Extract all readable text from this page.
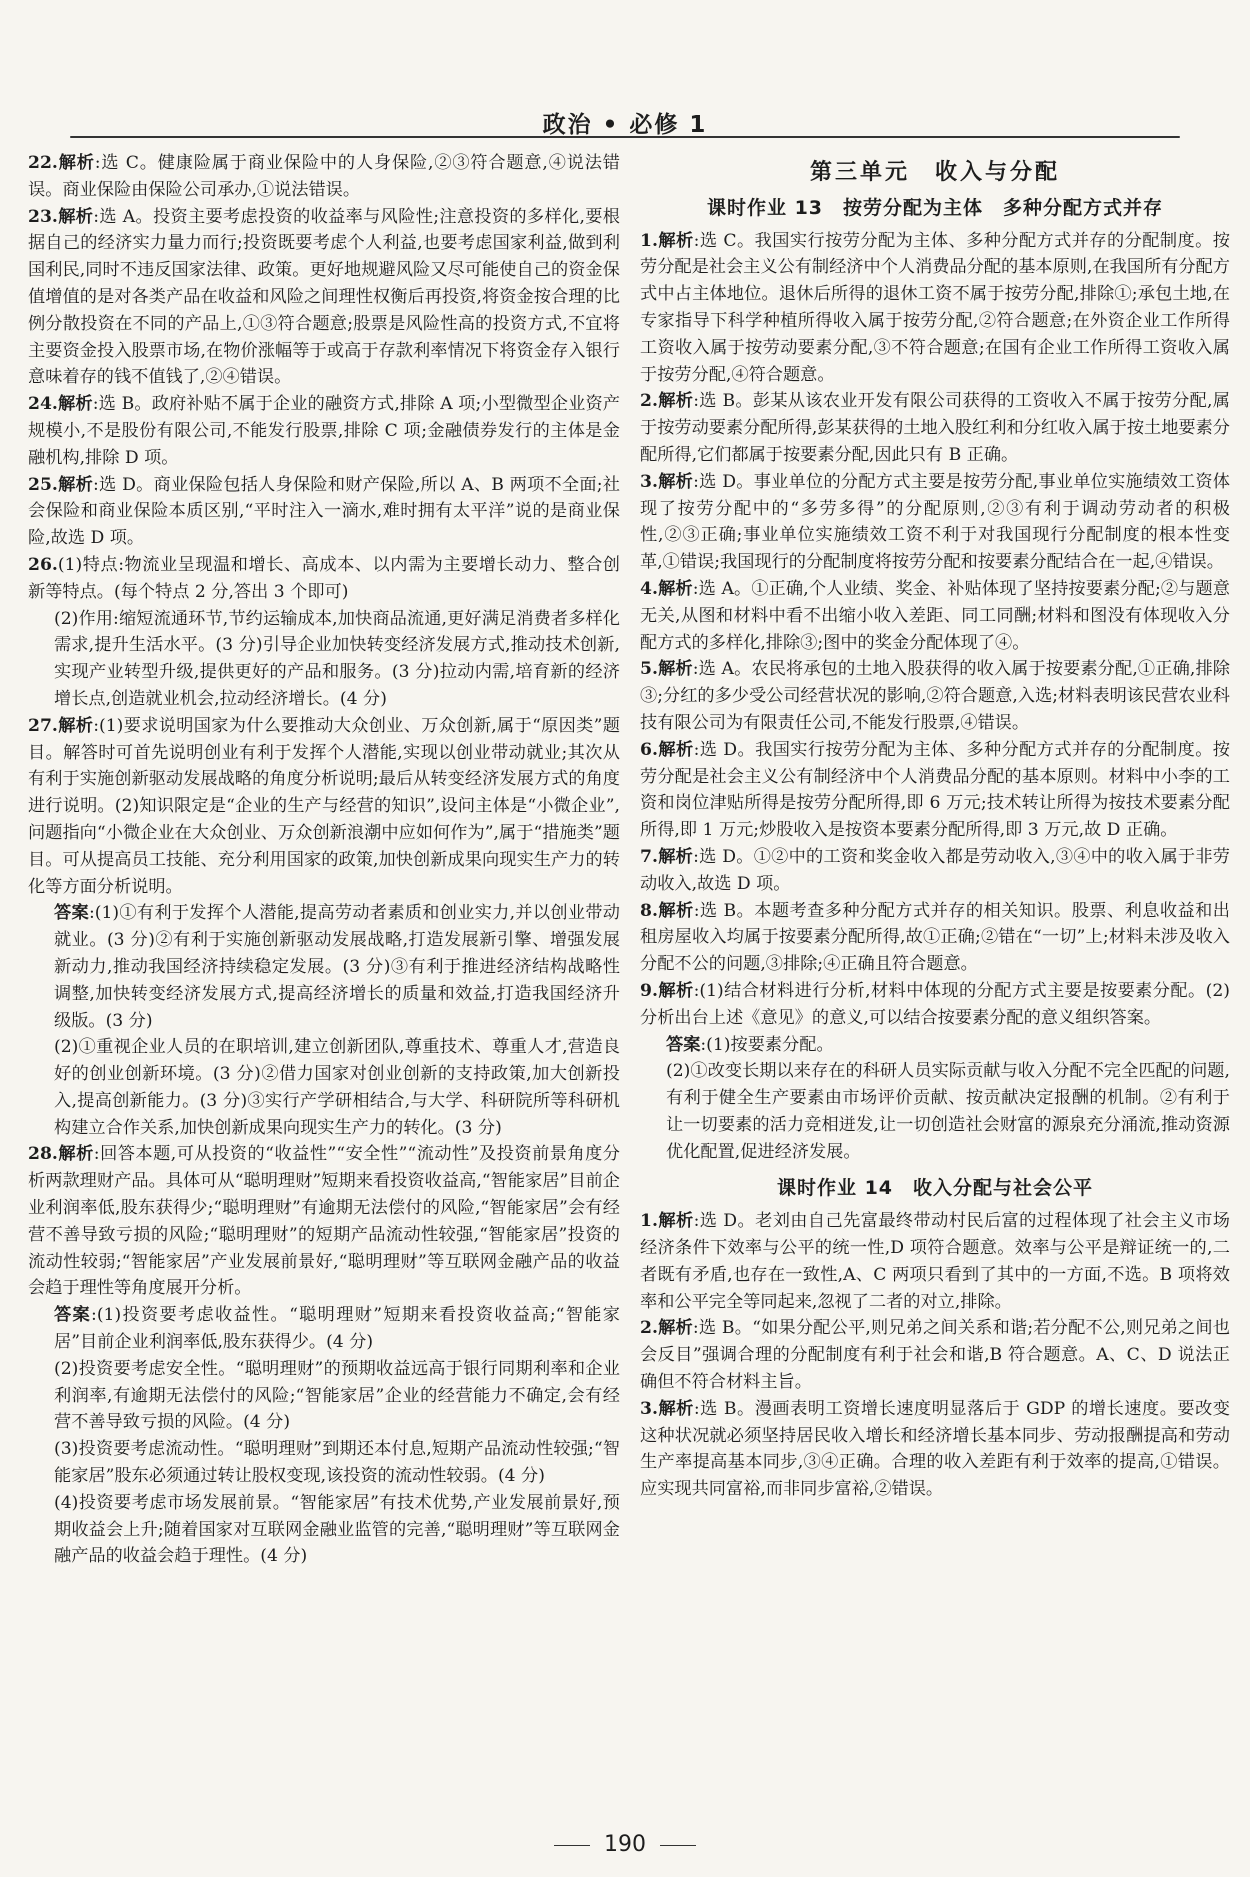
政治 • 必修 1
22.解析:选 C。健康险属于商业保险中的人身保险,②③符合题意,④说法错误。商业保险由保险公司承办,①说法错误。
23.解析:选 A。投资主要考虑投资的收益率与风险性;注意投资的多样化,要根据自己的经济实力量力而行;投资既要考虑个人利益,也要考虑国家利益,做到利国利民,同时不违反国家法律、政策。更好地规避风险又尽可能使自己的资金保值增值的是对各类产品在收益和风险之间理性权衡后再投资,将资金按合理的比例分散投资在不同的产品上,①③符合题意;股票是风险性高的投资方式,不宜将主要资金投入股票市场,在物价涨幅等于或高于存款利率情况下将资金存入银行意味着存的钱不值钱了,②④错误。
24.解析:选 B。政府补贴不属于企业的融资方式,排除 A 项;小型微型企业资产规模小,不是股份有限公司,不能发行股票,排除 C 项;金融债券发行的主体是金融机构,排除 D 项。
25.解析:选 D。商业保险包括人身保险和财产保险,所以 A、B 两项不全面;社会保险和商业保险本质区别,“平时注入一滴水,难时拥有太平洋”说的是商业保险,故选 D 项。
26.(1)特点:物流业呈现温和增长、高成本、以内需为主要增长动力、整合创新等特点。(每个特点 2 分,答出 3 个即可)
(2)作用:缩短流通环节,节约运输成本,加快商品流通,更好满足消费者多样化需求,提升生活水平。(3 分)引导企业加快转变经济发展方式,推动技术创新,实现产业转型升级,提供更好的产品和服务。(3 分)拉动内需,培育新的经济增长点,创造就业机会,拉动经济增长。(4 分)
27.解析:(1)要求说明国家为什么要推动大众创业、万众创新,属于“原因类”题目。解答时可首先说明创业有利于发挥个人潜能,实现以创业带动就业;其次从有利于实施创新驱动发展战略的角度分析说明;最后从转变经济发展方式的角度进行说明。(2)知识限定是“企业的生产与经营的知识”,设问主体是“小微企业”,问题指向“小微企业在大众创业、万众创新浪潮中应如何作为”,属于“措施类”题目。可从提高员工技能、充分利用国家的政策,加快创新成果向现实生产力的转化等方面分析说明。
答案:(1)①有利于发挥个人潜能,提高劳动者素质和创业实力,并以创业带动就业。(3 分)②有利于实施创新驱动发展战略,打造发展新引擎、增强发展新动力,推动我国经济持续稳定发展。(3 分)③有利于推进经济结构战略性调整,加快转变经济发展方式,提高经济增长的质量和效益,打造我国经济升级版。(3 分)
(2)①重视企业人员的在职培训,建立创新团队,尊重技术、尊重人才,营造良好的创业创新环境。(3 分)②借力国家对创业创新的支持政策,加大创新投入,提高创新能力。(3 分)③实行产学研相结合,与大学、科研院所等科研机构建立合作关系,加快创新成果向现实生产力的转化。(3 分)
28.解析:回答本题,可从投资的“收益性”“安全性”“流动性”及投资前景角度分析两款理财产品。具体可从“聪明理财”短期来看投资收益高,“智能家居”目前企业利润率低,股东获得少;“聪明理财”有逾期无法偿付的风险,“智能家居”会有经营不善导致亏损的风险;“聪明理财”的短期产品流动性较强,“智能家居”投资的流动性较弱;“智能家居”产业发展前景好,“聪明理财”等互联网金融产品的收益会趋于理性等角度展开分析。
答案:(1)投资要考虑收益性。“聪明理财”短期来看投资收益高;“智能家居”目前企业利润率低,股东获得少。(4 分)
(2)投资要考虑安全性。“聪明理财”的预期收益远高于银行同期利率和企业利润率,有逾期无法偿付的风险;“智能家居”企业的经营能力不确定,会有经营不善导致亏损的风险。(4 分)
(3)投资要考虑流动性。“聪明理财”到期还本付息,短期产品流动性较强;“智能家居”股东必须通过转让股权变现,该投资的流动性较弱。(4 分)
(4)投资要考虑市场发展前景。“智能家居”有技术优势,产业发展前景好,预期收益会上升;随着国家对互联网金融业监管的完善,“聪明理财”等互联网金融产品的收益会趋于理性。(4 分)
第三单元　收入与分配
课时作业 13　按劳分配为主体　多种分配方式并存
1.解析:选 C。我国实行按劳分配为主体、多种分配方式并存的分配制度。按劳分配是社会主义公有制经济中个人消费品分配的基本原则,在我国所有分配方式中占主体地位。退休后所得的退休工资不属于按劳分配,排除①;承包土地,在专家指导下科学种植所得收入属于按劳分配,②符合题意;在外资企业工作所得工资收入属于按劳动要素分配,③不符合题意;在国有企业工作所得工资收入属于按劳分配,④符合题意。
2.解析:选 B。彭某从该农业开发有限公司获得的工资收入不属于按劳分配,属于按劳动要素分配所得,彭某获得的土地入股红利和分红收入属于按土地要素分配所得,它们都属于按要素分配,因此只有 B 正确。
3.解析:选 D。事业单位的分配方式主要是按劳分配,事业单位实施绩效工资体现了按劳分配中的“多劳多得”的分配原则,②③有利于调动劳动者的积极性,②③正确;事业单位实施绩效工资不利于对我国现行分配制度的根本性变革,①错误;我国现行的分配制度将按劳分配和按要素分配结合在一起,④错误。
4.解析:选 A。①正确,个人业绩、奖金、补贴体现了坚持按要素分配;②与题意无关,从图和材料中看不出缩小收入差距、同工同酬;材料和图没有体现收入分配方式的多样化,排除③;图中的奖金分配体现了④。
5.解析:选 A。农民将承包的土地入股获得的收入属于按要素分配,①正确,排除③;分红的多少受公司经营状况的影响,②符合题意,入选;材料表明该民营农业科技有限公司为有限责任公司,不能发行股票,④错误。
6.解析:选 D。我国实行按劳分配为主体、多种分配方式并存的分配制度。按劳分配是社会主义公有制经济中个人消费品分配的基本原则。材料中小李的工资和岗位津贴所得是按劳分配所得,即 6 万元;技术转让所得为按技术要素分配所得,即 1 万元;炒股收入是按资本要素分配所得,即 3 万元,故 D 正确。
7.解析:选 D。①②中的工资和奖金收入都是劳动收入,③④中的收入属于非劳动收入,故选 D 项。
8.解析:选 B。本题考查多种分配方式并存的相关知识。股票、利息收益和出租房屋收入均属于按要素分配所得,故①正确;②错在“一切”上;材料未涉及收入分配不公的问题,③排除;④正确且符合题意。
9.解析:(1)结合材料进行分析,材料中体现的分配方式主要是按要素分配。(2)分析出台上述《意见》的意义,可以结合按要素分配的意义组织答案。
答案:(1)按要素分配。
(2)①改变长期以来存在的科研人员实际贡献与收入分配不完全匹配的问题,有利于健全生产要素由市场评价贡献、按贡献决定报酬的机制。②有利于让一切要素的活力竞相迸发,让一切创造社会财富的源泉充分涌流,推动资源优化配置,促进经济发展。
课时作业 14　收入分配与社会公平
1.解析:选 D。老刘由自己先富最终带动村民后富的过程体现了社会主义市场经济条件下效率与公平的统一性,D 项符合题意。效率与公平是辩证统一的,二者既有矛盾,也存在一致性,A、C 两项只看到了其中的一方面,不选。B 项将效率和公平完全等同起来,忽视了二者的对立,排除。
2.解析:选 B。“如果分配公平,则兄弟之间关系和谐;若分配不公,则兄弟之间也会反目”强调合理的分配制度有利于社会和谐,B 符合题意。A、C、D 说法正确但不符合材料主旨。
3.解析:选 B。漫画表明工资增长速度明显落后于 GDP 的增长速度。要改变这种状况就必须坚持居民收入增长和经济增长基本同步、劳动报酬提高和劳动生产率提高基本同步,③④正确。合理的收入差距有利于效率的提高,①错误。应实现共同富裕,而非同步富裕,②错误。
190
